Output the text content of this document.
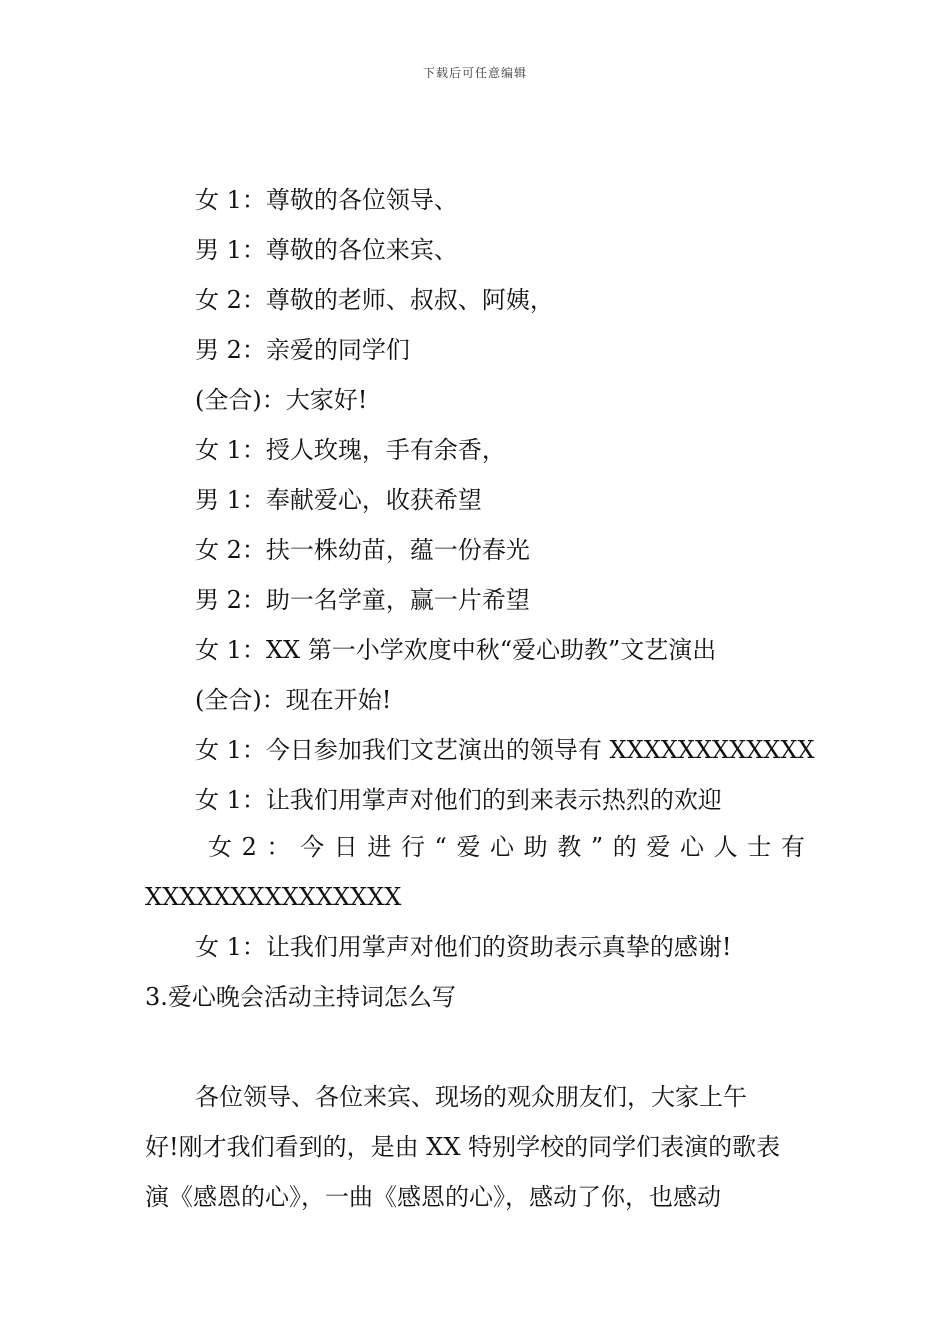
下载后可任意编辑
女 1：尊敬的各位领导、
男 1：尊敬的各位来宾、
女 2：尊敬的老师、叔叔、阿姨，
男 2：亲爱的同学们
(全合)：大家好!
女 1：授人玫瑰，手有余香，
男 1：奉献爱心，收获希望
女 2：扶一株幼苗，蕴一份春光
男 2：助一名学童，赢一片希望
女 1：XX 第一小学欢度中秋“爱心助教”文艺演出
(全合)：现在开始!
女 1：今日参加我们文艺演出的领导有 XXXXXXXXXXXX
女 1：让我们用掌声对他们的到来表示热烈的欢迎
女 2 ： 今 日 进 行 “ 爱 心 助 教 ” 的 爱 心 人 士 有
XXXXXXXXXXXXXXX
女 1：让我们用掌声对他们的资助表示真挚的感谢!
3.爱心晚会活动主持词怎么写
各位领导、各位来宾、现场的观众朋友们，大家上午
好!刚才我们看到的，是由 XX 特别学校的同学们表演的歌表
演《感恩的心》，一曲《感恩的心》，感动了你，也感动
